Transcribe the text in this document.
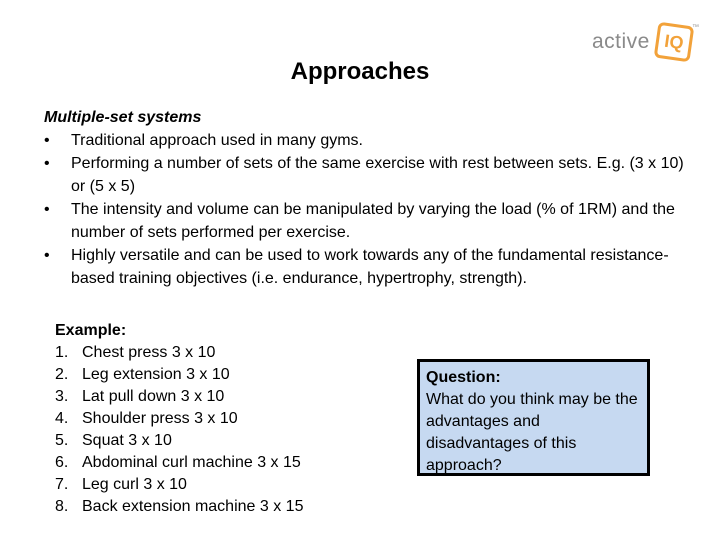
active IQ
™
Approaches
Multiple-set systems
•	Traditional approach used in many gyms.
•	Performing a number of sets of the same exercise with rest between sets. E.g. (3 x 10) or (5 x 5)
•	The intensity and volume can be manipulated by varying the load (% of 1RM) and the number of sets performed per exercise.
•	Highly versatile and can be used to work towards any of the fundamental resistance-based training objectives (i.e. endurance, hypertrophy, strength).
Example:
1. Chest press 3 x 10
2. Leg extension 3 x 10
3. Lat pull down 3 x 10
4. Shoulder press 3 x 10
5. Squat 3 x 10
6. Abdominal curl machine 3 x 15
7. Leg curl 3 x 10
8. Back extension machine 3 x 15
Question:
What do you think may be the advantages and disadvantages of this approach?
